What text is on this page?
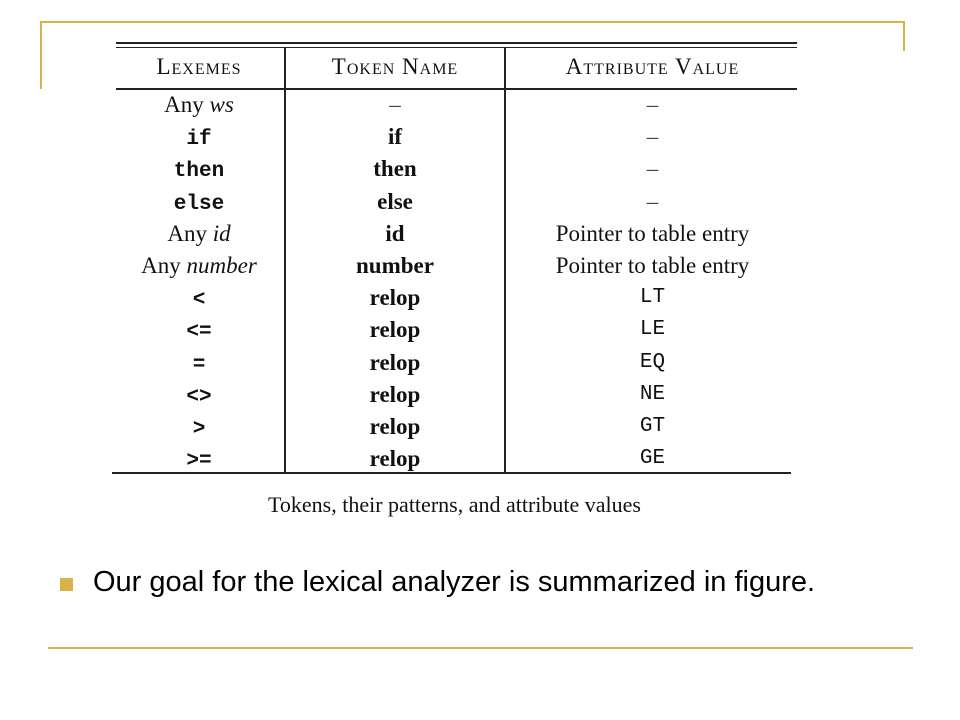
Lexemes	Token Name	Attribute Value
Any ws	–	–
if	if	–
then	then	–
else	else	–
Any id	id	Pointer to table entry
Any number	number	Pointer to table entry
<	relop	LT
<=	relop	LE
=	relop	EQ
<>	relop	NE
>	relop	GT
>=	relop	GE
Tokens, their patterns, and attribute values
Our goal for the lexical analyzer is summarized in figure.
